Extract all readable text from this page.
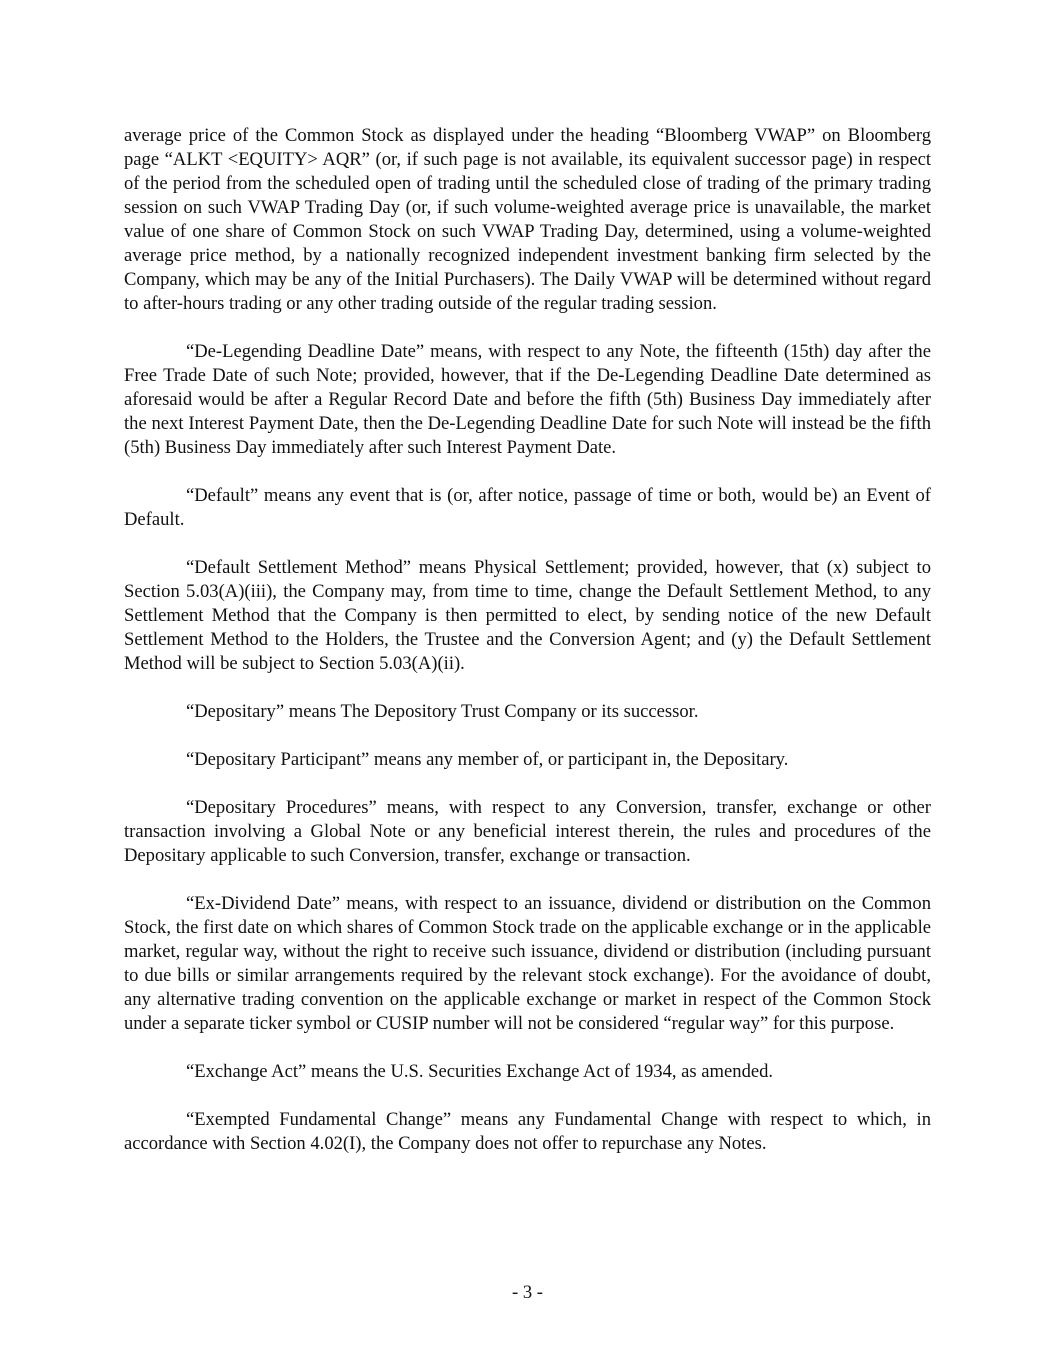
average price of the Common Stock as displayed under the heading “Bloomberg VWAP” on Bloomberg page “ALKT <EQUITY> AQR” (or, if such page is not available, its equivalent successor page) in respect of the period from the scheduled open of trading until the scheduled close of trading of the primary trading session on such VWAP Trading Day (or, if such volume-weighted average price is unavailable, the market value of one share of Common Stock on such VWAP Trading Day, determined, using a volume-weighted average price method, by a nationally recognized independent investment banking firm selected by the Company, which may be any of the Initial Purchasers). The Daily VWAP will be determined without regard to after-hours trading or any other trading outside of the regular trading session.

“De-Legending Deadline Date” means, with respect to any Note, the fifteenth (15th) day after the Free Trade Date of such Note; provided, however, that if the De-Legending Deadline Date determined as aforesaid would be after a Regular Record Date and before the fifth (5th) Business Day immediately after the next Interest Payment Date, then the De-Legending Deadline Date for such Note will instead be the fifth (5th) Business Day immediately after such Interest Payment Date.

“Default” means any event that is (or, after notice, passage of time or both, would be) an Event of Default.

“Default Settlement Method” means Physical Settlement; provided, however, that (x) subject to Section 5.03(A)(iii), the Company may, from time to time, change the Default Settlement Method, to any Settlement Method that the Company is then permitted to elect, by sending notice of the new Default Settlement Method to the Holders, the Trustee and the Conversion Agent; and (y) the Default Settlement Method will be subject to Section 5.03(A)(ii).

“Depositary” means The Depository Trust Company or its successor.

“Depositary Participant” means any member of, or participant in, the Depositary.

“Depositary Procedures” means, with respect to any Conversion, transfer, exchange or other transaction involving a Global Note or any beneficial interest therein, the rules and procedures of the Depositary applicable to such Conversion, transfer, exchange or transaction.

“Ex-Dividend Date” means, with respect to an issuance, dividend or distribution on the Common Stock, the first date on which shares of Common Stock trade on the applicable exchange or in the applicable market, regular way, without the right to receive such issuance, dividend or distribution (including pursuant to due bills or similar arrangements required by the relevant stock exchange). For the avoidance of doubt, any alternative trading convention on the applicable exchange or market in respect of the Common Stock under a separate ticker symbol or CUSIP number will not be considered “regular way” for this purpose.

“Exchange Act” means the U.S. Securities Exchange Act of 1934, as amended.

“Exempted Fundamental Change” means any Fundamental Change with respect to which, in accordance with Section 4.02(I), the Company does not offer to repurchase any Notes.

- 3 -
